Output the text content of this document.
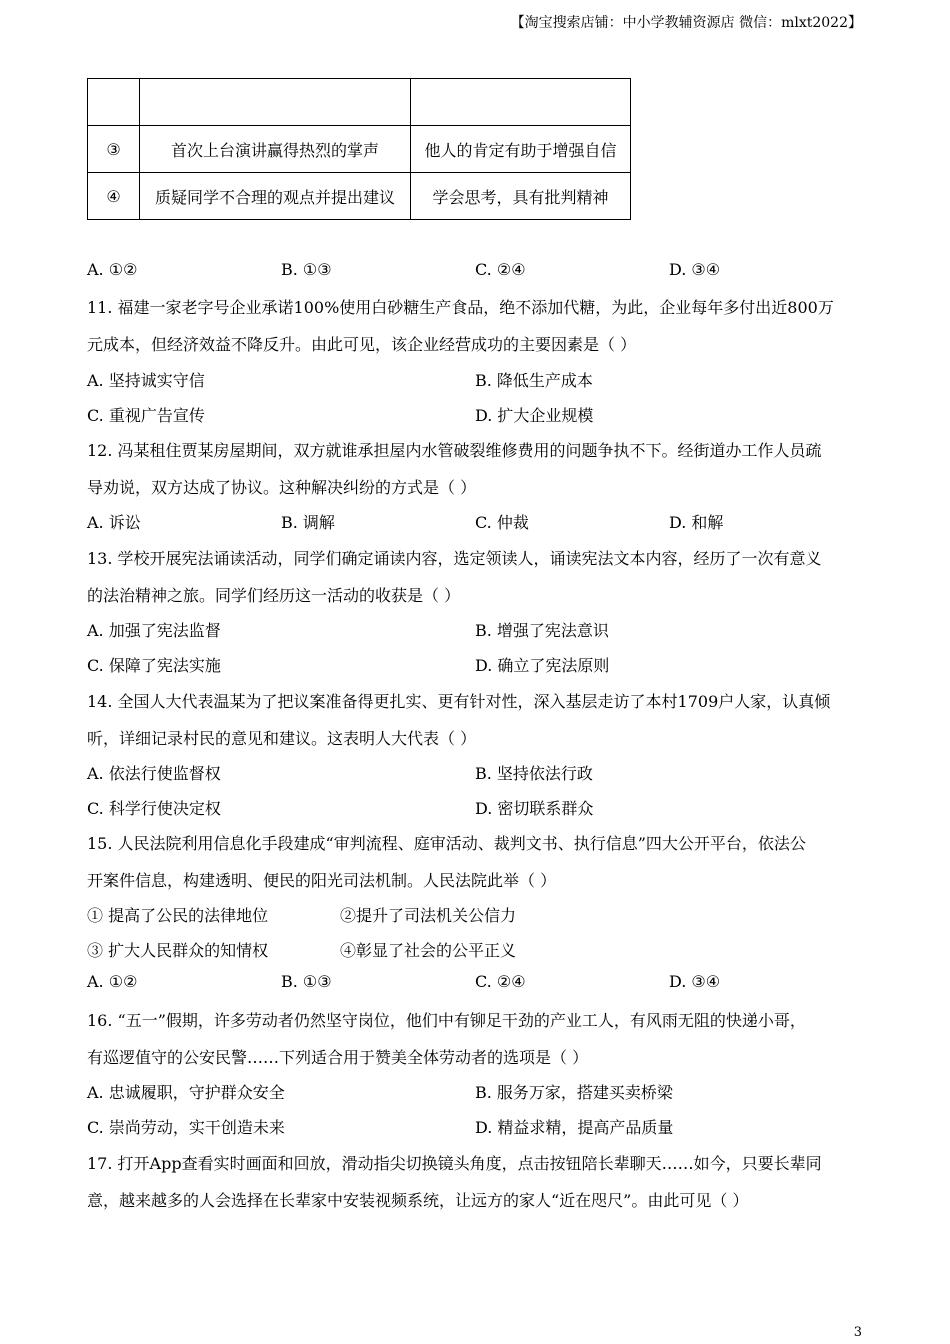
【淘宝搜索店铺：中小学教辅资源店 微信：mlxt2022】

③	首次上台演讲赢得热烈的掌声	他人的肯定有助于增强自信
④	质疑同学不合理的观点并提出建议	学会思考，具有批判精神
A. ①②	B. ①③	C. ②④	D. ③④
11. 福建一家老字号企业承诺100%使用白砂糖生产食品，绝不添加代糖，为此，企业每年多付出近800万
元成本，但经济效益不降反升。由此可见，该企业经营成功的主要因素是（ ）
A. 坚持诚实守信	B. 降低生产成本
C. 重视广告宣传	D. 扩大企业规模
12. 冯某租住贾某房屋期间，双方就谁承担屋内水管破裂维修费用的问题争执不下。经街道办工作人员疏
导劝说，双方达成了协议。这种解决纠纷的方式是（ ）
A. 诉讼	B. 调解	C. 仲裁	D. 和解
13. 学校开展宪法诵读活动，同学们确定诵读内容，选定领读人，诵读宪法文本内容，经历了一次有意义
的法治精神之旅。同学们经历这一活动的收获是（ ）
A. 加强了宪法监督	B. 增强了宪法意识
C. 保障了宪法实施	D. 确立了宪法原则
14. 全国人大代表温某为了把议案准备得更扎实、更有针对性，深入基层走访了本村1709户人家，认真倾
听，详细记录村民的意见和建议。这表明人大代表（ ）
A. 依法行使监督权	B. 坚持依法行政
C. 科学行使决定权	D. 密切联系群众
15. 人民法院利用信息化手段建成“审判流程、庭审活动、裁判文书、执行信息”四大公开平台，依法公
开案件信息，构建透明、便民的阳光司法机制。人民法院此举（ ）
① 提高了公民的法律地位	②提升了司法机关公信力
③ 扩大人民群众的知情权	④彰显了社会的公平正义
A. ①②	B. ①③	C. ②④	D. ③④
16. “五一”假期，许多劳动者仍然坚守岗位，他们中有铆足干劲的产业工人，有风雨无阻的快递小哥，
有巡逻值守的公安民警……下列适合用于赞美全体劳动者的选项是（ ）
A. 忠诚履职，守护群众安全	B. 服务万家，搭建买卖桥梁
C. 崇尚劳动，实干创造未来	D. 精益求精，提高产品质量
17. 打开App查看实时画面和回放，滑动指尖切换镜头角度，点击按钮陪长辈聊天……如今，只要长辈同
意，越来越多的人会选择在长辈家中安装视频系统，让远方的家人“近在咫尺”。由此可见（ ）
3
